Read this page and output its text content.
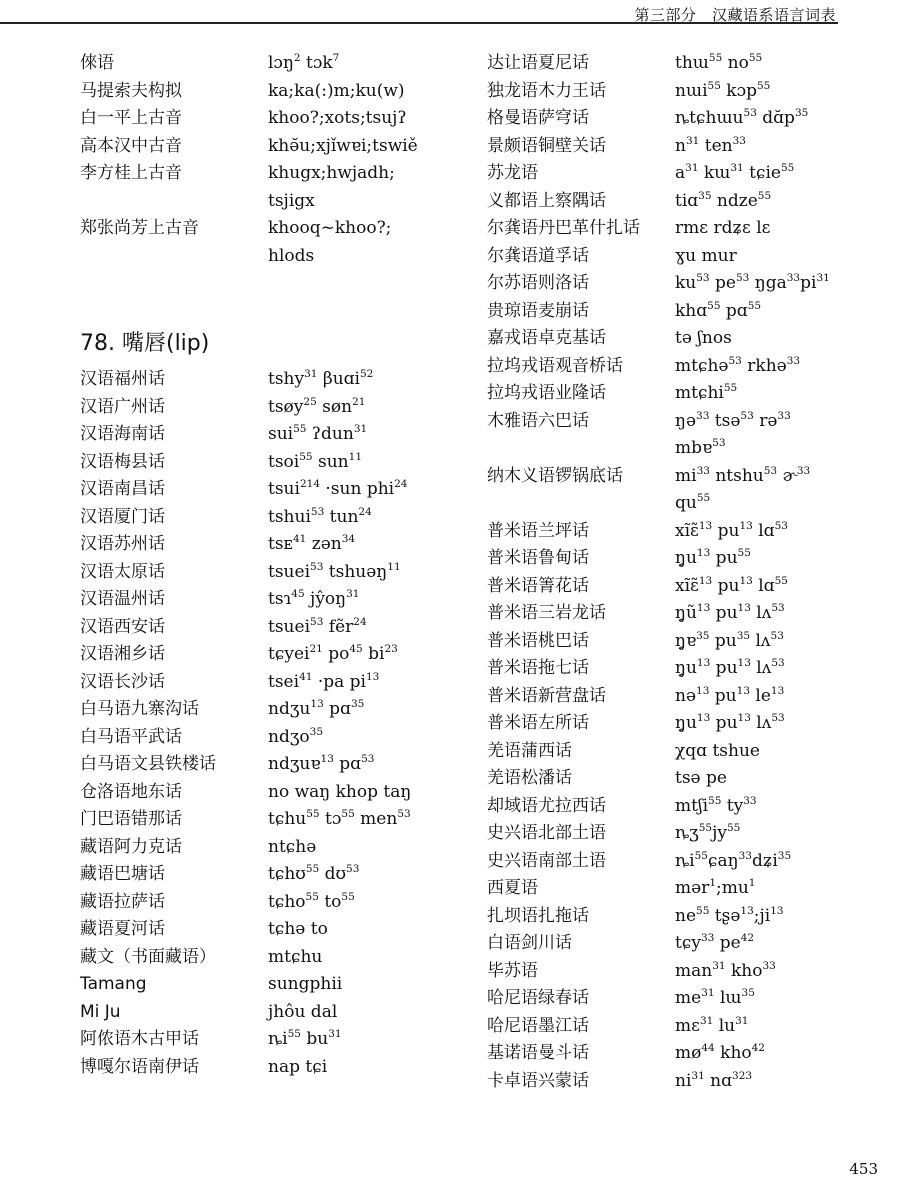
第三部分　汉藏语系语言词表
倈语	lɔŋ$^2$ tɔk$^7$
马提索夫构拟	ka;ka(:)m;ku(w)
白一平上古音	khoo?;xots;tsujʔ
高本汉中古音	khǝ̆u;xjǐwɐi;tswiě
李方桂上古音	khugx;hwjadh;
tsjigx
郑张尚芳上古音	khooq~khoo?;
hlods
78. 嘴唇(lip)
汉语福州话	tshy$^{31}$ βuɑi$^{52}$
汉语广州话	tsøy$^{25}$ søn$^{21}$
汉语海南话	sui$^{55}$ ʔdun$^{31}$
汉语梅县话	tsoi$^{55}$ sun$^{11}$
汉语南昌话	tsui$^{214}$ ·sun phi$^{24}$
汉语厦门话	tshui$^{53}$ tun$^{24}$
汉语苏州话	tsᴇ$^{41}$ zən$^{34}$
汉语太原话	tsuei$^{53}$ tshuəŋ$^{11}$
汉语温州话	tsɿ$^{45}$ jŷoŋ$^{31}$
汉语西安话	tsuei$^{53}$ fẽr$^{24}$
汉语湘乡话	tɕyei$^{21}$ $po^{45}$ $bi^{23}$
汉语长沙话	tsei$^{41}$ ·pa $pi^{13}$
白马语九寨沟话	ndʒu$^{13}$ pɑ$^{35}$
白马语平武话	ndʒo$^{35}$
白马语文县铁楼话	ndʒuɐ$^{13}$ pɑ$^{53}$
仓洛语地东话	no waŋ khop taŋ
门巴语错那话	tɕhu$^{55}$ tɔ$^{55}$ men$^{53}$
藏语阿力克话	ntɕhə
藏语巴塘话	tɕhʊ$^{55}$ dʊ$^{53}$
藏语拉萨话	tɕho$^{55}$ $to^{55}$
藏语夏河话	tɕhə to
藏文（书面藏语）	mtɕhu
Tamang	sungphii
Mi Ju	jhôu dal
阿侬语木古甲话	$ȵi^{55}$ $bu^{31}$
博嘎尔语南伊话	nap tɕi
达让语夏尼话	thɯ$^{55}$ $no^{55}$
独龙语木力王话	nɯi$^{55}$ kɔp$^{55}$
格曼语萨穹话	ȵtɕhɯu$^{53}$ $dɑ̆p^{35}$
景颇语铜壁关话	$n^{31}$ ten$^{33}$
苏龙语	$a^{31}$ kɯ$^{31}$ tɕie$^{55}$
义都语上察隅话	tiɑ$^{35}$ ndze$^{55}$
尔龚语丹巴革什扎话	rmɛ rdʑɛ lɛ
尔龚语道孚话	ɣu mur
尔苏语则洛话	$ku^{53}$ $pe^{53}$ $ŋga^{33}pi^{31}$
贵琼语麦崩话	khɑ$^{55}$ pɑ$^{55}$
嘉戎语卓克基话	tə ʃnos
拉坞戎语观音桥话	mtɕhə$^{53}$ rkhə$^{33}$
拉坞戎语业隆话	mtɕhi$^{55}$
木雅语六巴话	ŋə$^{33}$ tsə$^{53}$ rə$^{33}$
mbɐ$^{53}$
纳木义语锣锅底话	$mi^{33}$ ntshu$^{53}$ ɚ$^{33}$
$qu^{55}$
普米语兰坪话	xĩɛ̃$^{13}$ $pu^{13}$ lɑ$^{53}$
普米语鲁甸话	$ŋ̥u^{13}$ $pu^{55}$
普米语箐花话	xĩɛ̃$^{13}$ $pu^{13}$ lɑ$^{55}$
普米语三岩龙话	$ŋ̥ũ^{13}$ $pu^{13}$ lʌ$^{53}$
普米语桃巴话	ŋ̥ɐ$^{35}$ $pu^{35}$ lʌ$^{53}$
普米语拖七话	$ŋ̥u^{13}$ $pu^{13}$ lʌ$^{53}$
普米语新营盘话	nə$^{13}$ $pu^{13}$ $le^{13}$
普米语左所话	$ŋ̥u^{13}$ $pu^{13}$ lʌ$^{53}$
羌语蒲西话	χqɑ tshue
羌语松潘话	tsə pe
却域语尤拉西话	mtʃi$^{55}$ $ty^{33}$
史兴语北部土语	$ȵʒ^{55}jy^{55}$
史兴语南部土语	$ȵi^{55}ɕaŋ^{33}dʑi^{35}$
西夏语	$mər^1;mu^1$
扎坝语扎拖话	$ne^{55}$ $tʂə^{13};ji^{13}$
白语剑川话	tɕy$^{33}$ $pe^{42}$
毕苏语	man$^{31}$ kho$^{33}$
哈尼语绿春话	$me^{31}$ lɯ$^{35}$
哈尼语墨江话	mɛ$^{31}$ $lu^{31}$
基诺语曼斗话	$mø^{44}$ kho$^{42}$
卡卓语兴蒙话	$ni^{31}$ nɑ$^{323}$
453
